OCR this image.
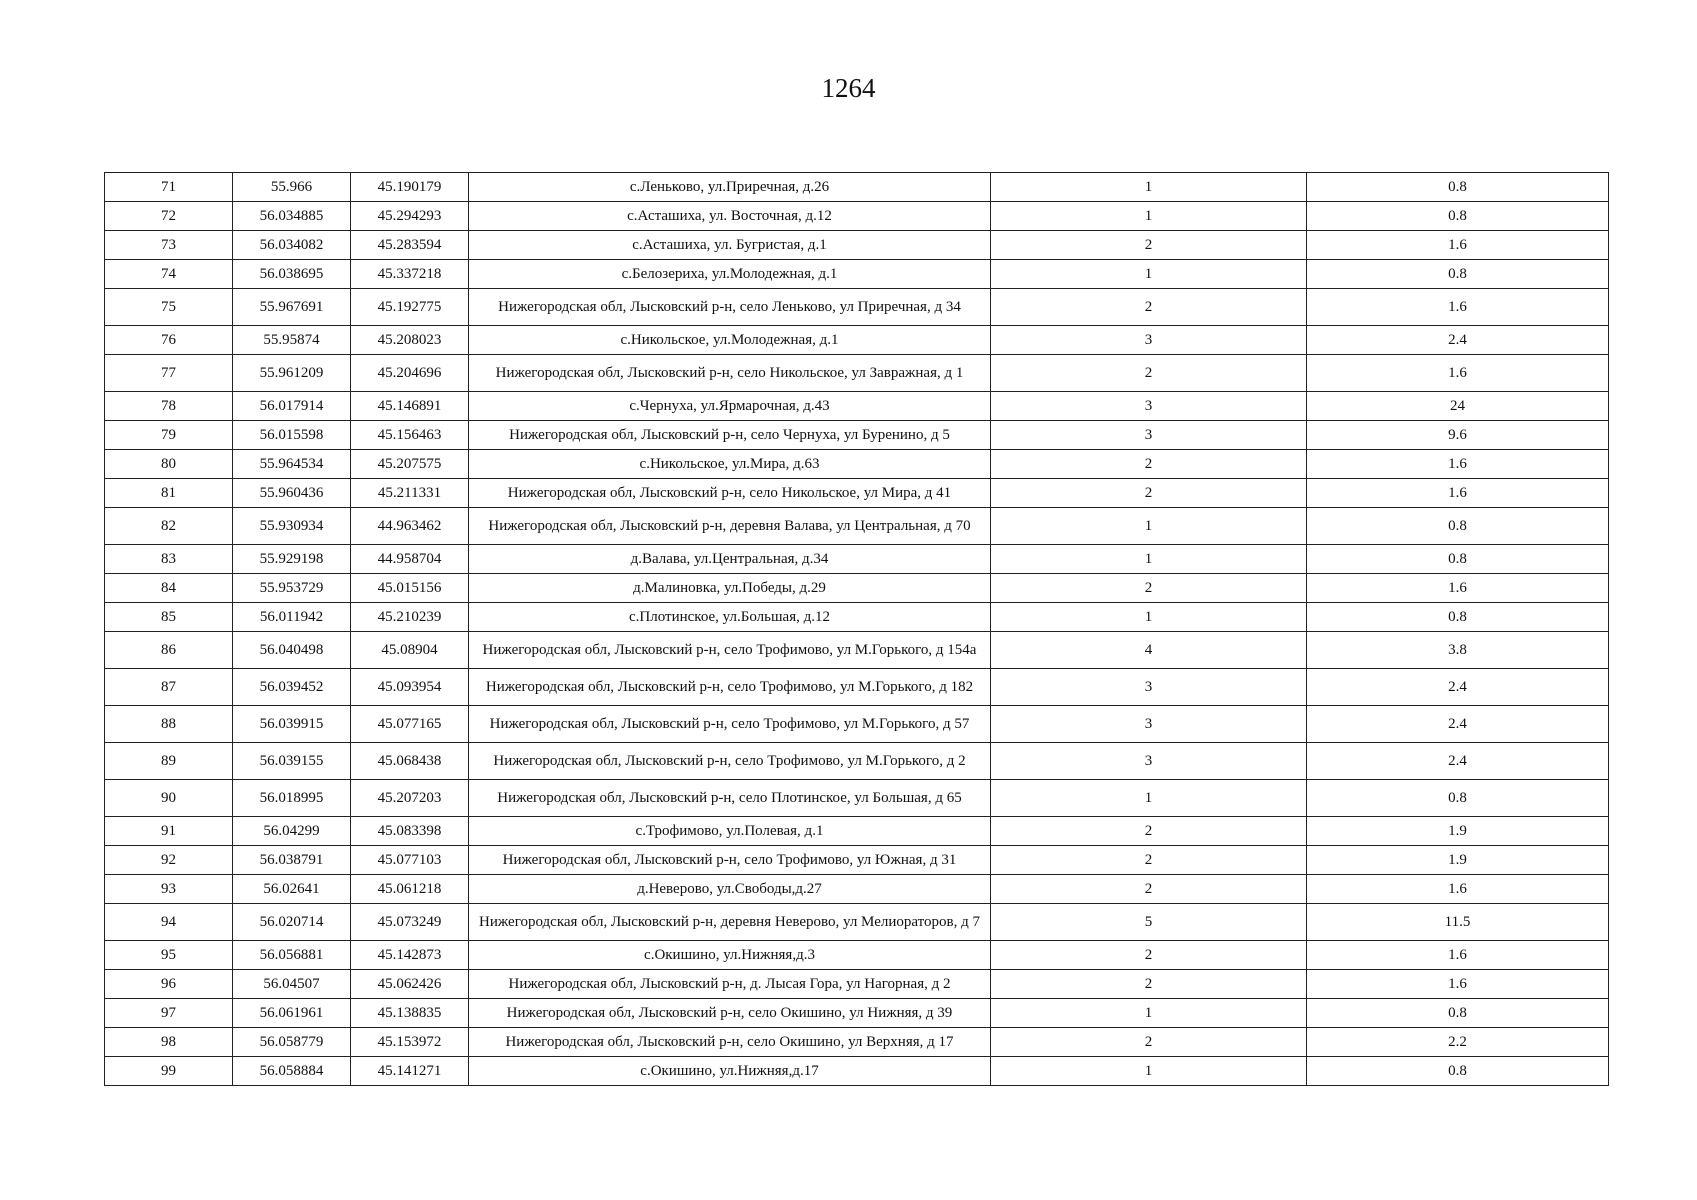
1264
71	55.966	45.190179	с.Леньково, ул.Приречная, д.26	1	0.8
72	56.034885	45.294293	с.Асташиха, ул. Восточная, д.12	1	0.8
73	56.034082	45.283594	с.Асташиха, ул. Бугристая, д.1	2	1.6
74	56.038695	45.337218	с.Белозериха, ул.Молодежная, д.1	1	0.8
75	55.967691	45.192775	Нижегородская обл, Лысковский р-н, село Леньково, ул Приречная, д 34	2	1.6
76	55.95874	45.208023	с.Никольское, ул.Молодежная, д.1	3	2.4
77	55.961209	45.204696	Нижегородская обл, Лысковский р-н, село Никольское, ул Завражная, д 1	2	1.6
78	56.017914	45.146891	с.Чернуха, ул.Ярмарочная, д.43	3	24
79	56.015598	45.156463	Нижегородская обл, Лысковский р-н, село Чернуха, ул Буренино, д 5	3	9.6
80	55.964534	45.207575	с.Никольское, ул.Мира, д.63	2	1.6
81	55.960436	45.211331	Нижегородская обл, Лысковский р-н, село Никольское, ул Мира, д 41	2	1.6
82	55.930934	44.963462	Нижегородская обл, Лысковский р-н, деревня Валава, ул Центральная, д 70	1	0.8
83	55.929198	44.958704	д.Валава, ул.Центральная, д.34	1	0.8
84	55.953729	45.015156	д.Малиновка, ул.Победы, д.29	2	1.6
85	56.011942	45.210239	с.Плотинское, ул.Большая, д.12	1	0.8
86	56.040498	45.08904	Нижегородская обл, Лысковский р-н, село Трофимово, ул М.Горького, д 154а	4	3.8
87	56.039452	45.093954	Нижегородская обл, Лысковский р-н, село Трофимово, ул М.Горького, д 182	3	2.4
88	56.039915	45.077165	Нижегородская обл, Лысковский р-н, село Трофимово, ул М.Горького, д 57	3	2.4
89	56.039155	45.068438	Нижегородская обл, Лысковский р-н, село Трофимово, ул М.Горького, д 2	3	2.4
90	56.018995	45.207203	Нижегородская обл, Лысковский р-н, село Плотинское, ул Большая, д 65	1	0.8
91	56.04299	45.083398	с.Трофимово, ул.Полевая, д.1	2	1.9
92	56.038791	45.077103	Нижегородская обл, Лысковский р-н, село Трофимово, ул Южная, д 31	2	1.9
93	56.02641	45.061218	д.Неверово, ул.Свободы,д.27	2	1.6
94	56.020714	45.073249	Нижегородская обл, Лысковский р-н, деревня Неверово, ул Мелиораторов, д 7	5	11.5
95	56.056881	45.142873	с.Окишино, ул.Нижняя,д.3	2	1.6
96	56.04507	45.062426	Нижегородская обл, Лысковский р-н, д. Лысая Гора, ул Нагорная, д 2	2	1.6
97	56.061961	45.138835	Нижегородская обл, Лысковский р-н, село Окишино, ул Нижняя, д 39	1	0.8
98	56.058779	45.153972	Нижегородская обл, Лысковский р-н, село Окишино, ул Верхняя, д 17	2	2.2
99	56.058884	45.141271	с.Окишино, ул.Нижняя,д.17	1	0.8
